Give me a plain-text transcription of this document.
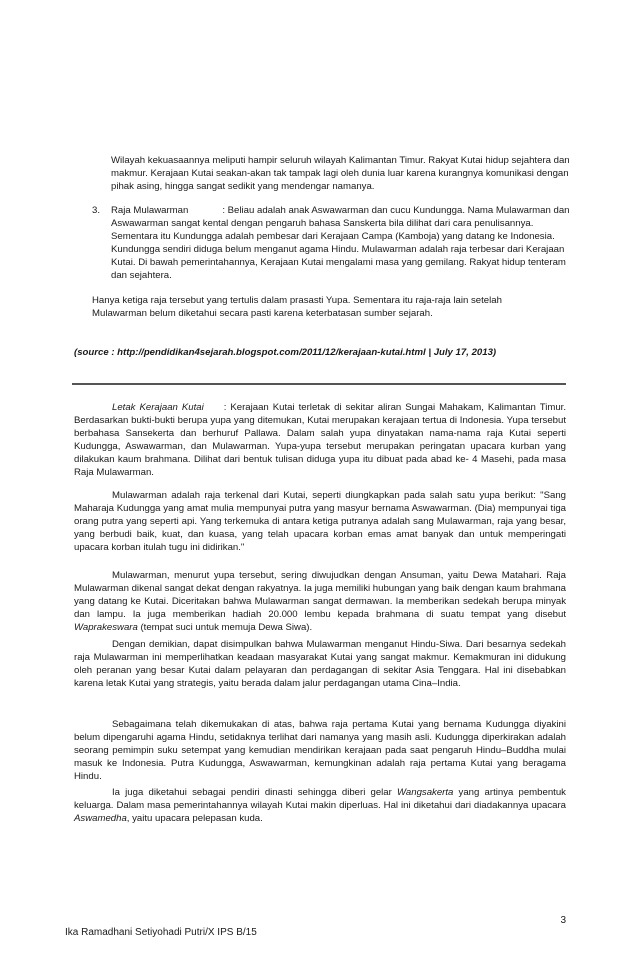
Wilayah kekuasaannya meliputi hampir seluruh wilayah Kalimantan Timur. Rakyat Kutai hidup sejahtera dan makmur. Kerajaan Kutai seakan-akan tak tampak lagi oleh dunia luar karena kurangnya komunikasi dengan pihak asing, hingga sangat sedikit yang mendengar namanya.
3. Raja Mulawarman	: Beliau adalah anak Aswawarman dan cucu Kundungga. Nama Mulawarman dan Aswawarman sangat kental dengan pengaruh bahasa Sanskerta bila dilihat dari cara penulisannya. Sementara itu Kundungga adalah pembesar dari Kerajaan Campa (Kamboja) yang datang ke Indonesia. Kundungga sendiri diduga belum menganut agama Hindu. Mulawarman adalah raja terbesar dari Kerajaan Kutai. Di bawah pemerintahannya, Kerajaan Kutai mengalami masa yang gemilang. Rakyat hidup tenteram dan sejahtera.
Hanya ketiga raja tersebut yang tertulis dalam prasasti Yupa. Sementara itu raja-raja lain setelah Mulawarman belum diketahui secara pasti karena keterbatasan sumber sejarah.
(source : http://pendidikan4sejarah.blogspot.com/2011/12/kerajaan-kutai.html | July 17, 2013)
Letak Kerajaan Kutai : Kerajaan Kutai terletak di sekitar aliran Sungai Mahakam, Kalimantan Timur. Berdasarkan bukti-bukti berupa yupa yang ditemukan, Kutai merupakan kerajaan tertua di Indonesia. Yupa tersebut berbahasa Sansekerta dan berhuruf Pallawa. Dalam salah yupa dinyatakan nama-nama raja Kutai seperti Kudungga, Aswawarman, dan Mulawarman. Yupa-yupa tersebut merupakan peringatan upacara kurban yang dilakukan kaum brahmana. Dilihat dari bentuk tulisan diduga yupa itu dibuat pada abad ke- 4 Masehi, pada masa Raja Mulawarman.
Mulawarman adalah raja terkenal dari Kutai, seperti diungkapkan pada salah satu yupa berikut: "Sang Maharaja Kudungga yang amat mulia mempunyai putra yang masyur bernama Aswawarman. (Dia) mempunyai tiga orang putra yang seperti api. Yang terkemuka di antara ketiga putranya adalah sang Mulawarman, raja yang besar, yang berbudi baik, kuat, dan kuasa, yang telah upacara korban emas amat banyak dan untuk memperingati upacara korban itulah tugu ini didirikan."
Mulawarman, menurut yupa tersebut, sering diwujudkan dengan Ansuman, yaitu Dewa Matahari. Raja Mulawarman dikenal sangat dekat dengan rakyatnya. Ia juga memiliki hubungan yang baik dengan kaum brahmana yang datang ke Kutai. Diceritakan bahwa Mulawarman sangat dermawan. Ia memberikan sedekah berupa minyak dan lampu. Ia juga memberikan hadiah 20.000 lembu kepada brahmana di suatu tempat yang disebut Waprakeswara (tempat suci untuk memuja Dewa Siwa).
Dengan demikian, dapat disimpulkan bahwa Mulawarman menganut Hindu-Siwa. Dari besarnya sedekah raja Mulawarman ini memperlihatkan keadaan masyarakat Kutai yang sangat makmur. Kemakmuran ini didukung oleh peranan yang besar Kutai dalam pelayaran dan perdagangan di sekitar Asia Tenggara. Hal ini disebabkan karena letak Kutai yang strategis, yaitu berada dalam jalur perdagangan utama Cina–India.
Sebagaimana telah dikemukakan di atas, bahwa raja pertama Kutai yang bernama Kudungga diyakini belum dipengaruhi agama Hindu, setidaknya terlihat dari namanya yang masih asli. Kudungga diperkirakan adalah seorang pemimpin suku setempat yang kemudian mendirikan kerajaan pada saat pengaruh Hindu–Buddha mulai masuk ke Indonesia. Putra Kudungga, Aswawarman, kemungkinan adalah raja pertama Kutai yang beragama Hindu.
Ia juga diketahui sebagai pendiri dinasti sehingga diberi gelar Wangsakerta yang artinya pembentuk keluarga. Dalam masa pemerintahannya wilayah Kutai makin diperluas. Hal ini diketahui dari diadakannya upacara Aswamedha, yaitu upacara pelepasan kuda.
3
Ika Ramadhani Setiyohadi Putri/X IPS B/15
